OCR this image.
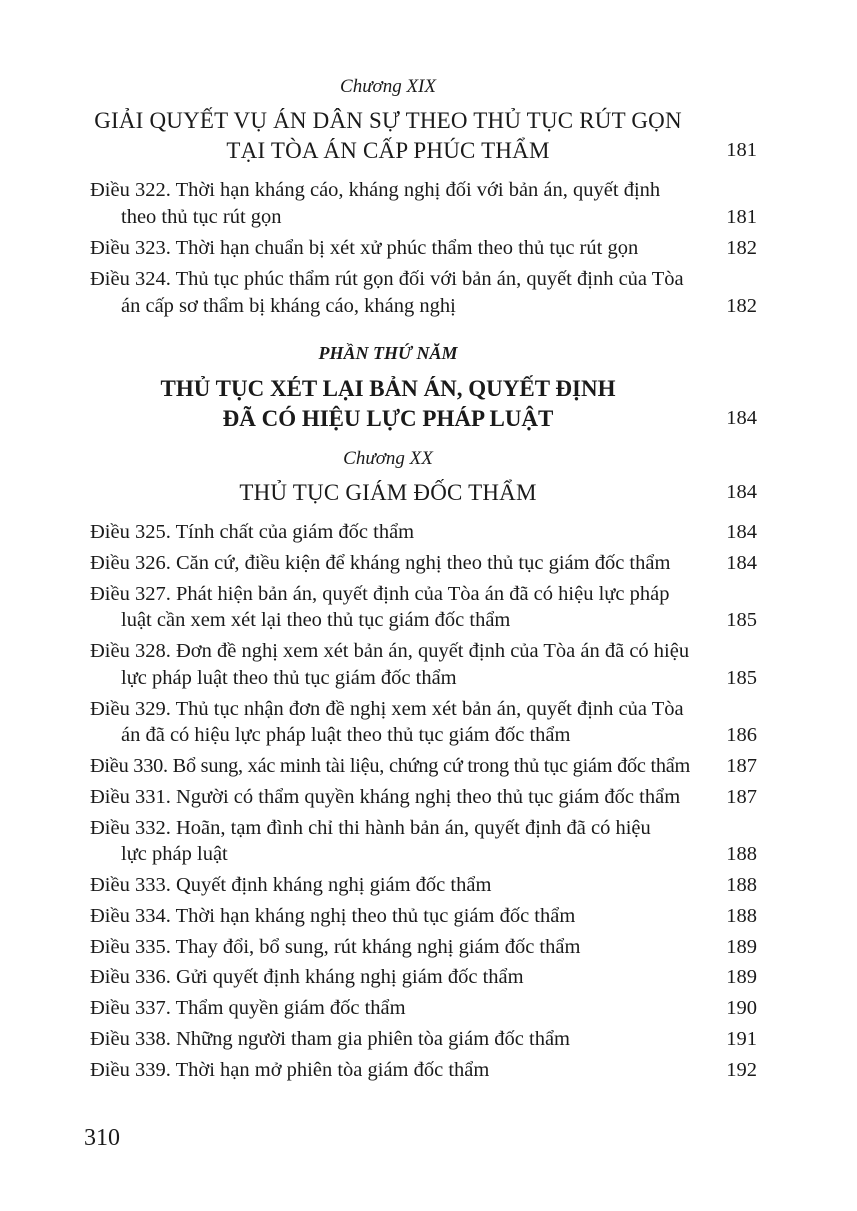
Chương XIX
GIẢI QUYẾT VỤ ÁN DÂN SỰ THEO THỦ TỤC RÚT GỌN
TẠI TÒA ÁN CẤP PHÚC THẨM	181
Điều 322. Thời hạn kháng cáo, kháng nghị đối với bản án, quyết định
theo thủ tục rút gọn	181
Điều 323. Thời hạn chuẩn bị xét xử phúc thẩm theo thủ tục rút gọn	182
Điều 324. Thủ tục phúc thẩm rút gọn đối với bản án, quyết định của Tòa
án cấp sơ thẩm bị kháng cáo, kháng nghị	182
PHẦN THỨ NĂM
THỦ TỤC XÉT LẠI BẢN ÁN, QUYẾT ĐỊNH
ĐÃ CÓ HIỆU LỰC PHÁP LUẬT	184
Chương XX
THỦ TỤC GIÁM ĐỐC THẨM	184
Điều 325. Tính chất của giám đốc thẩm	184
Điều 326. Căn cứ, điều kiện để kháng nghị theo thủ tục giám đốc thẩm	184
Điều 327. Phát hiện bản án, quyết định của Tòa án đã có hiệu lực pháp
luật cần xem xét lại theo thủ tục giám đốc thẩm	185
Điều 328. Đơn đề nghị xem xét bản án, quyết định của Tòa án đã có hiệu
lực pháp luật theo thủ tục giám đốc thẩm	185
Điều 329. Thủ tục nhận đơn đề nghị xem xét bản án, quyết định của Tòa
án đã có hiệu lực pháp luật theo thủ tục giám đốc thẩm	186
Điều 330. Bổ sung, xác minh tài liệu, chứng cứ trong thủ tục giám đốc thẩm 187
Điều 331. Người có thẩm quyền kháng nghị theo thủ tục giám đốc thẩm 187
Điều 332. Hoãn, tạm đình chỉ thi hành bản án, quyết định đã có hiệu
lực pháp luật	188
Điều 333. Quyết định kháng nghị giám đốc thẩm	188
Điều 334. Thời hạn kháng nghị theo thủ tục giám đốc thẩm	188
Điều 335. Thay đổi, bổ sung, rút kháng nghị giám đốc thẩm	189
Điều 336. Gửi quyết định kháng nghị giám đốc thẩm	189
Điều 337. Thẩm quyền giám đốc thẩm	190
Điều 338. Những người tham gia phiên tòa giám đốc thẩm	191
Điều 339. Thời hạn mở phiên tòa giám đốc thẩm	192
310
